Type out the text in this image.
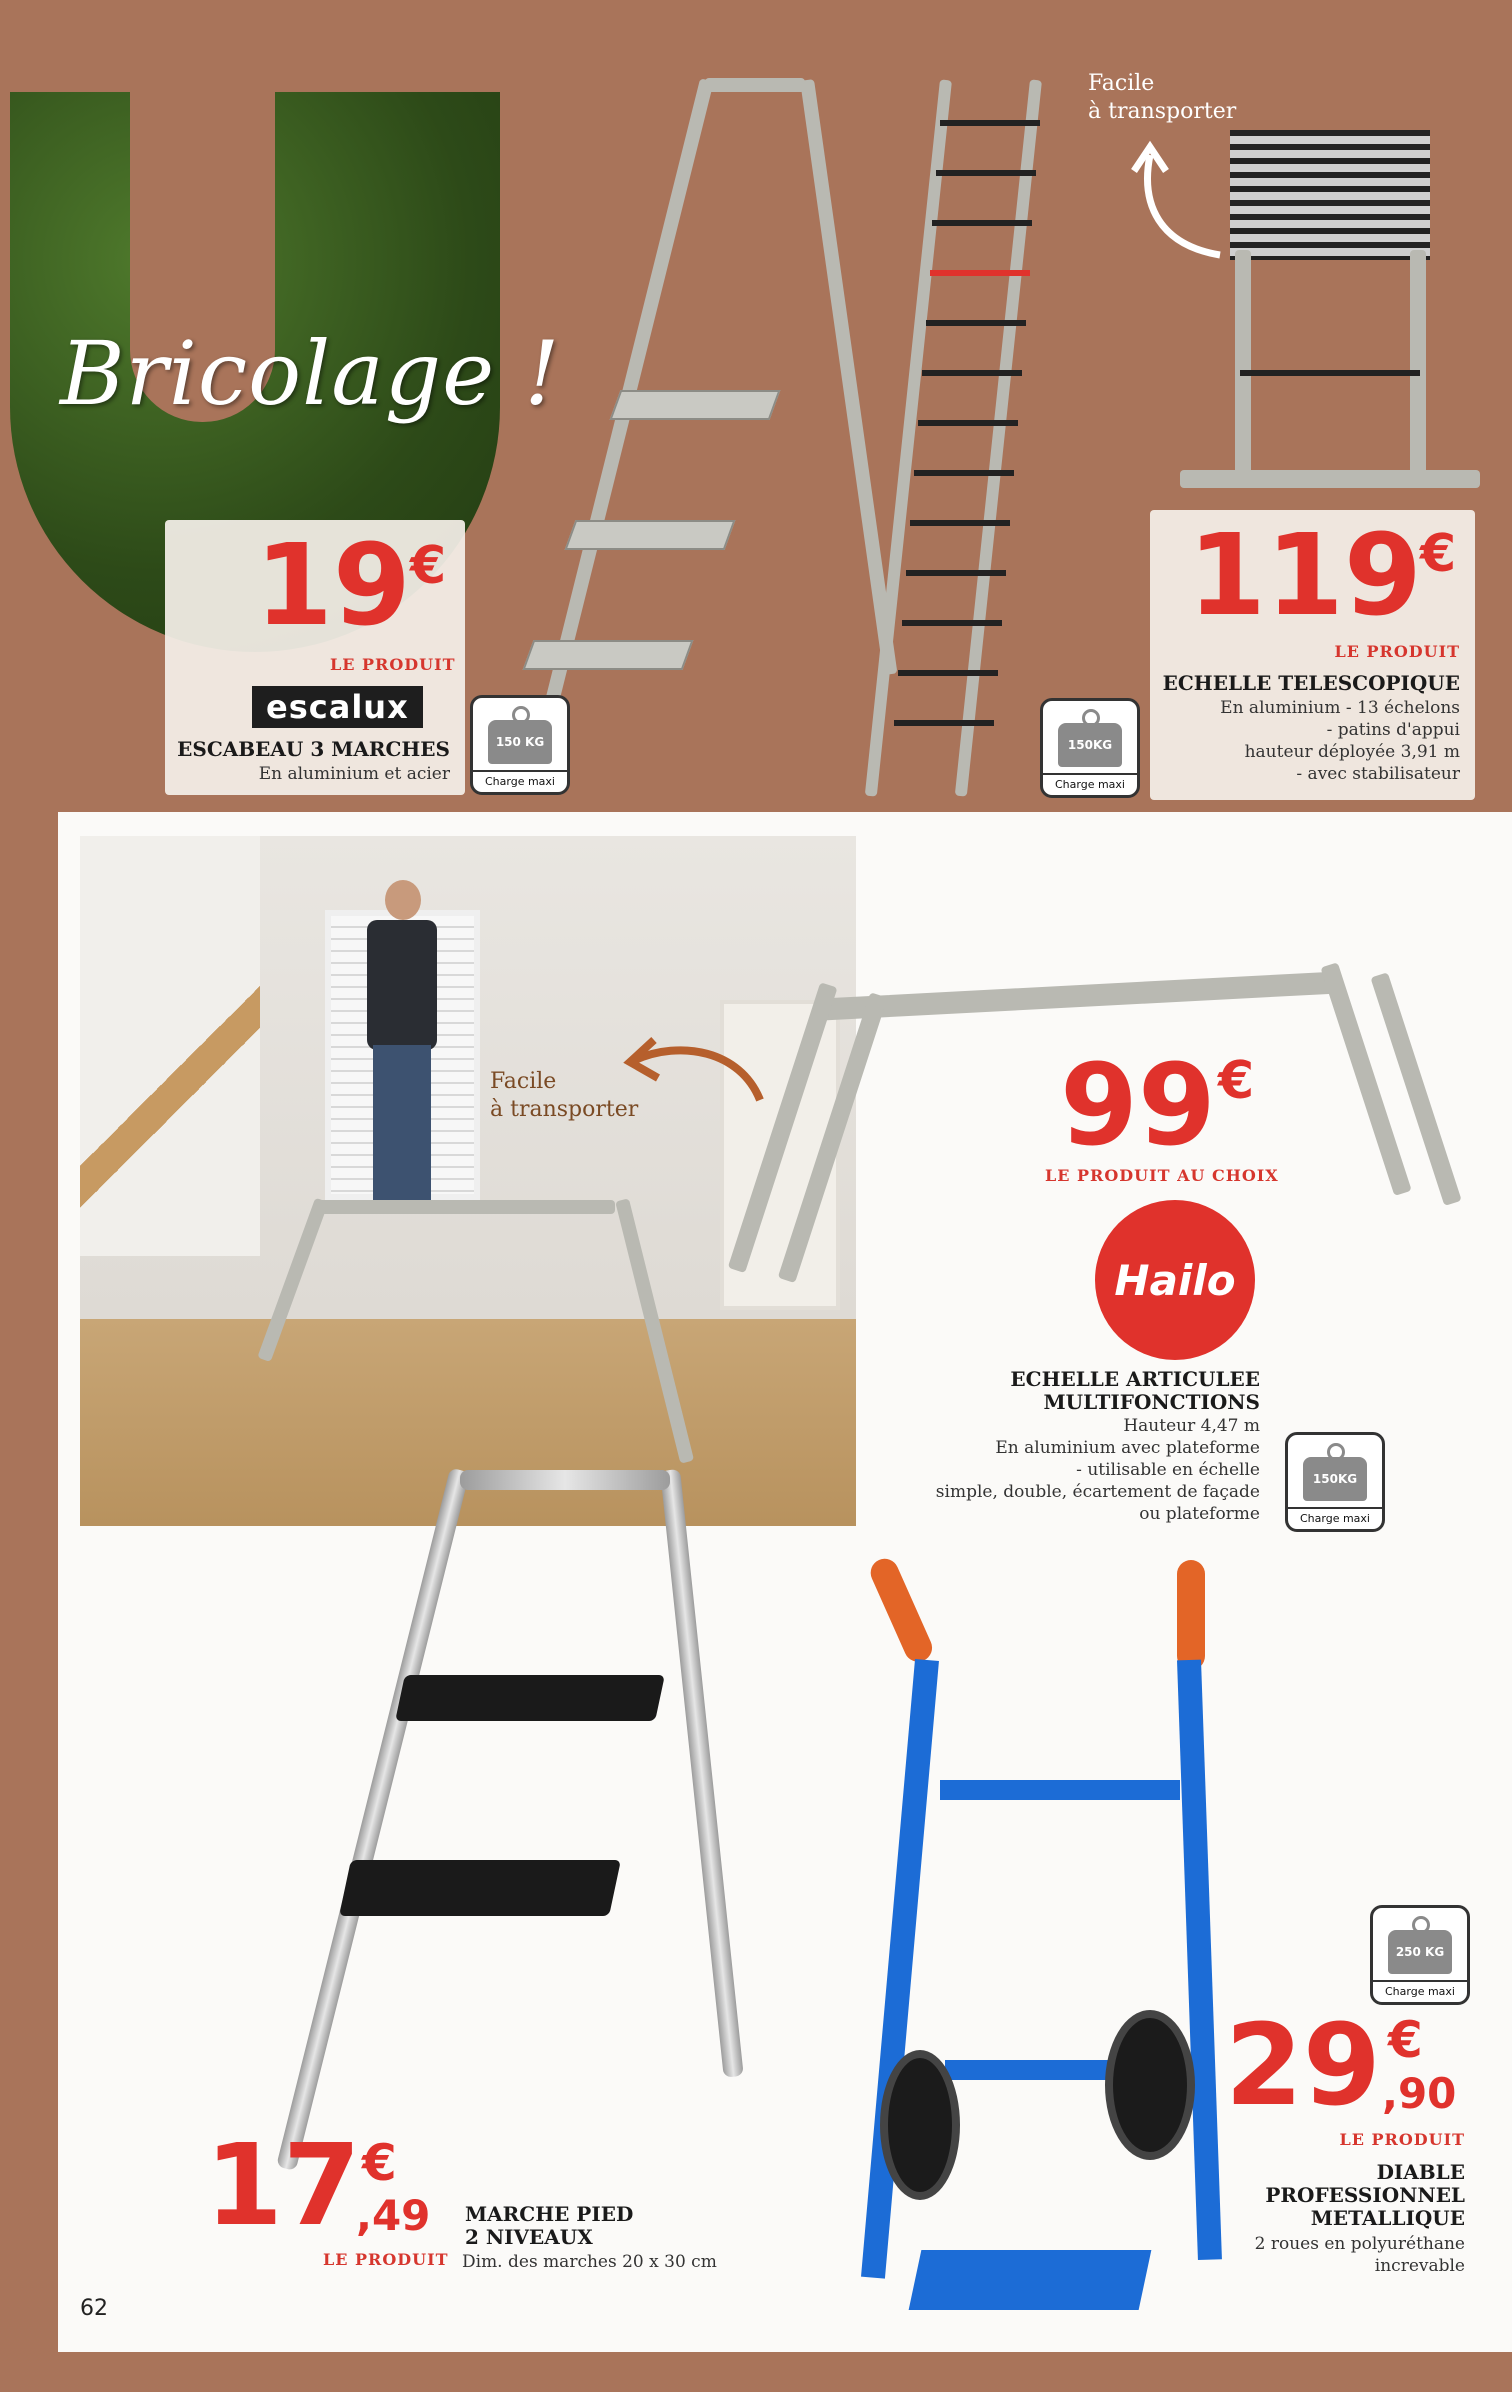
Bricolage !
Facile
à transporter
19 €
LE PRODUIT
escalux
ESCABEAU 3 MARCHES
En aluminium et acier
150 KG
Charge maxi
119
€
LE PRODUIT
ECHELLE TELESCOPIQUE
En aluminium - 13 échelons
- patins d'appui
hauteur déployée 3,91 m
- avec stabilisateur
150KG
Charge maxi
Facile
à transporter	99 €
LE PRODUIT AU CHOIX
Hailo
ECHELLE ARTICULEE
MULTIFONCTIONS
Hauteur 4,47 m
En aluminium avec plateforme
- utilisable en échelle
simple, double, écartement de façade
ou plateforme
150KG
Charge maxi
17 €
,49
LE PRODUIT
MARCHE PIED
2 NIVEAUX
Dim. des marches 20 x 30 cm
250 KG
Charge maxi
29 €
,90
LE PRODUIT
DIABLE
PROFESSIONNEL
METALLIQUE
2 roues en polyuréthane
increvable
62
